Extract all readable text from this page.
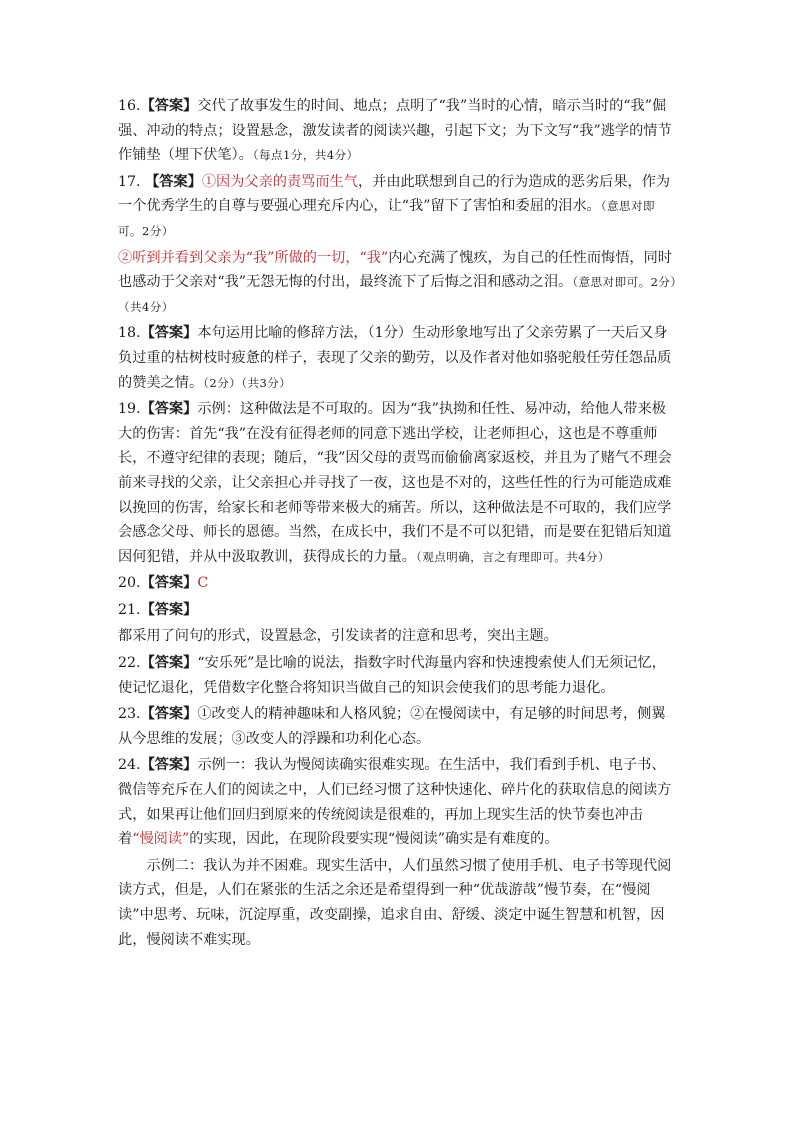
16.【答案】交代了故事发生的时间、地点；点明了“我”当时的心情，暗示当时的“我”倔强、冲动的特点；设置悬念，激发读者的阅读兴趣，引起下文；为下文写“我”逃学的情节作铺垫（埋下伏笔）。（每点1分，共4分）

17. 【答案】①因为父亲的责骂而生气，并由此联想到自己的行为造成的恶劣后果，作为一个优秀学生的自尊与要强心理充斥内心，让“我”留下了害怕和委屈的泪水。（意思对即可。2分）

②听到并看到父亲为“我”所做的一切，“我”内心充满了愧疚，为自己的任性而悔悟，同时也感动于父亲对“我”无怨无悔的付出，最终流下了后悔之泪和感动之泪。（意思对即可。2分）（共4分）

18.【答案】本句运用比喻的修辞方法，（1分）生动形象地写出了父亲劳累了一天后又身负过重的枯树枝时疲惫的样子，表现了父亲的勤劳，以及作者对他如骆驼般任劳任怨品质的赞美之情。（2分）（共3分）

19.【答案】示例：这种做法是不可取的。因为“我”执拗和任性、易冲动，给他人带来极大的伤害：首先“我”在没有征得老师的同意下逃出学校，让老师担心，这也是不尊重师长，不遵守纪律的表现；随后，“我”因父母的责骂而偷偷离家返校，并且为了赌气不理会前来寻找的父亲，让父亲担心并寻找了一夜，这也是不对的，这些任性的行为可能造成难以挽回的伤害，给家长和老师等带来极大的痛苦。所以，这种做法是不可取的，我们应学会感念父母、师长的恩德。当然，在成长中，我们不是不可以犯错，而是要在犯错后知道因何犯错，并从中汲取教训，获得成长的力量。（观点明确，言之有理即可。共4分）

20.【答案】C

21.【答案】

都采用了问句的形式，设置悬念，引发读者的注意和思考，突出主题。

22.【答案】“安乐死”是比喻的说法，指数字时代海量内容和快速搜索使人们无须记忆，使记忆退化，凭借数字化整合将知识当做自己的知识会使我们的思考能力退化。

23.【答案】①改变人的精神趣味和人格风貌；②在慢阅读中，有足够的时间思考，侧翼从今思维的发展；③改变人的浮躁和功利化心态。

24.【答案】示例一：我认为慢阅读确实很难实现。在生活中，我们看到手机、电子书、微信等充斥在人们的阅读之中，人们已经习惯了这种快速化、碎片化的获取信息的阅读方式，如果再让他们回归到原来的传统阅读是很难的，再加上现实生活的快节奏也冲击着“慢阅读”的实现，因此，在现阶段要实现“慢阅读”确实是有难度的。

示例二：我认为并不困难。现实生活中，人们虽然习惯了使用手机、电子书等现代阅读方式，但是，人们在紧张的生活之余还是希望得到一种“优哉游哉”慢节奏，在“慢阅读”中思考、玩味，沉淀厚重，改变副操，追求自由、舒缓、淡定中诞生智慧和机智，因此，慢阅读不难实现。
